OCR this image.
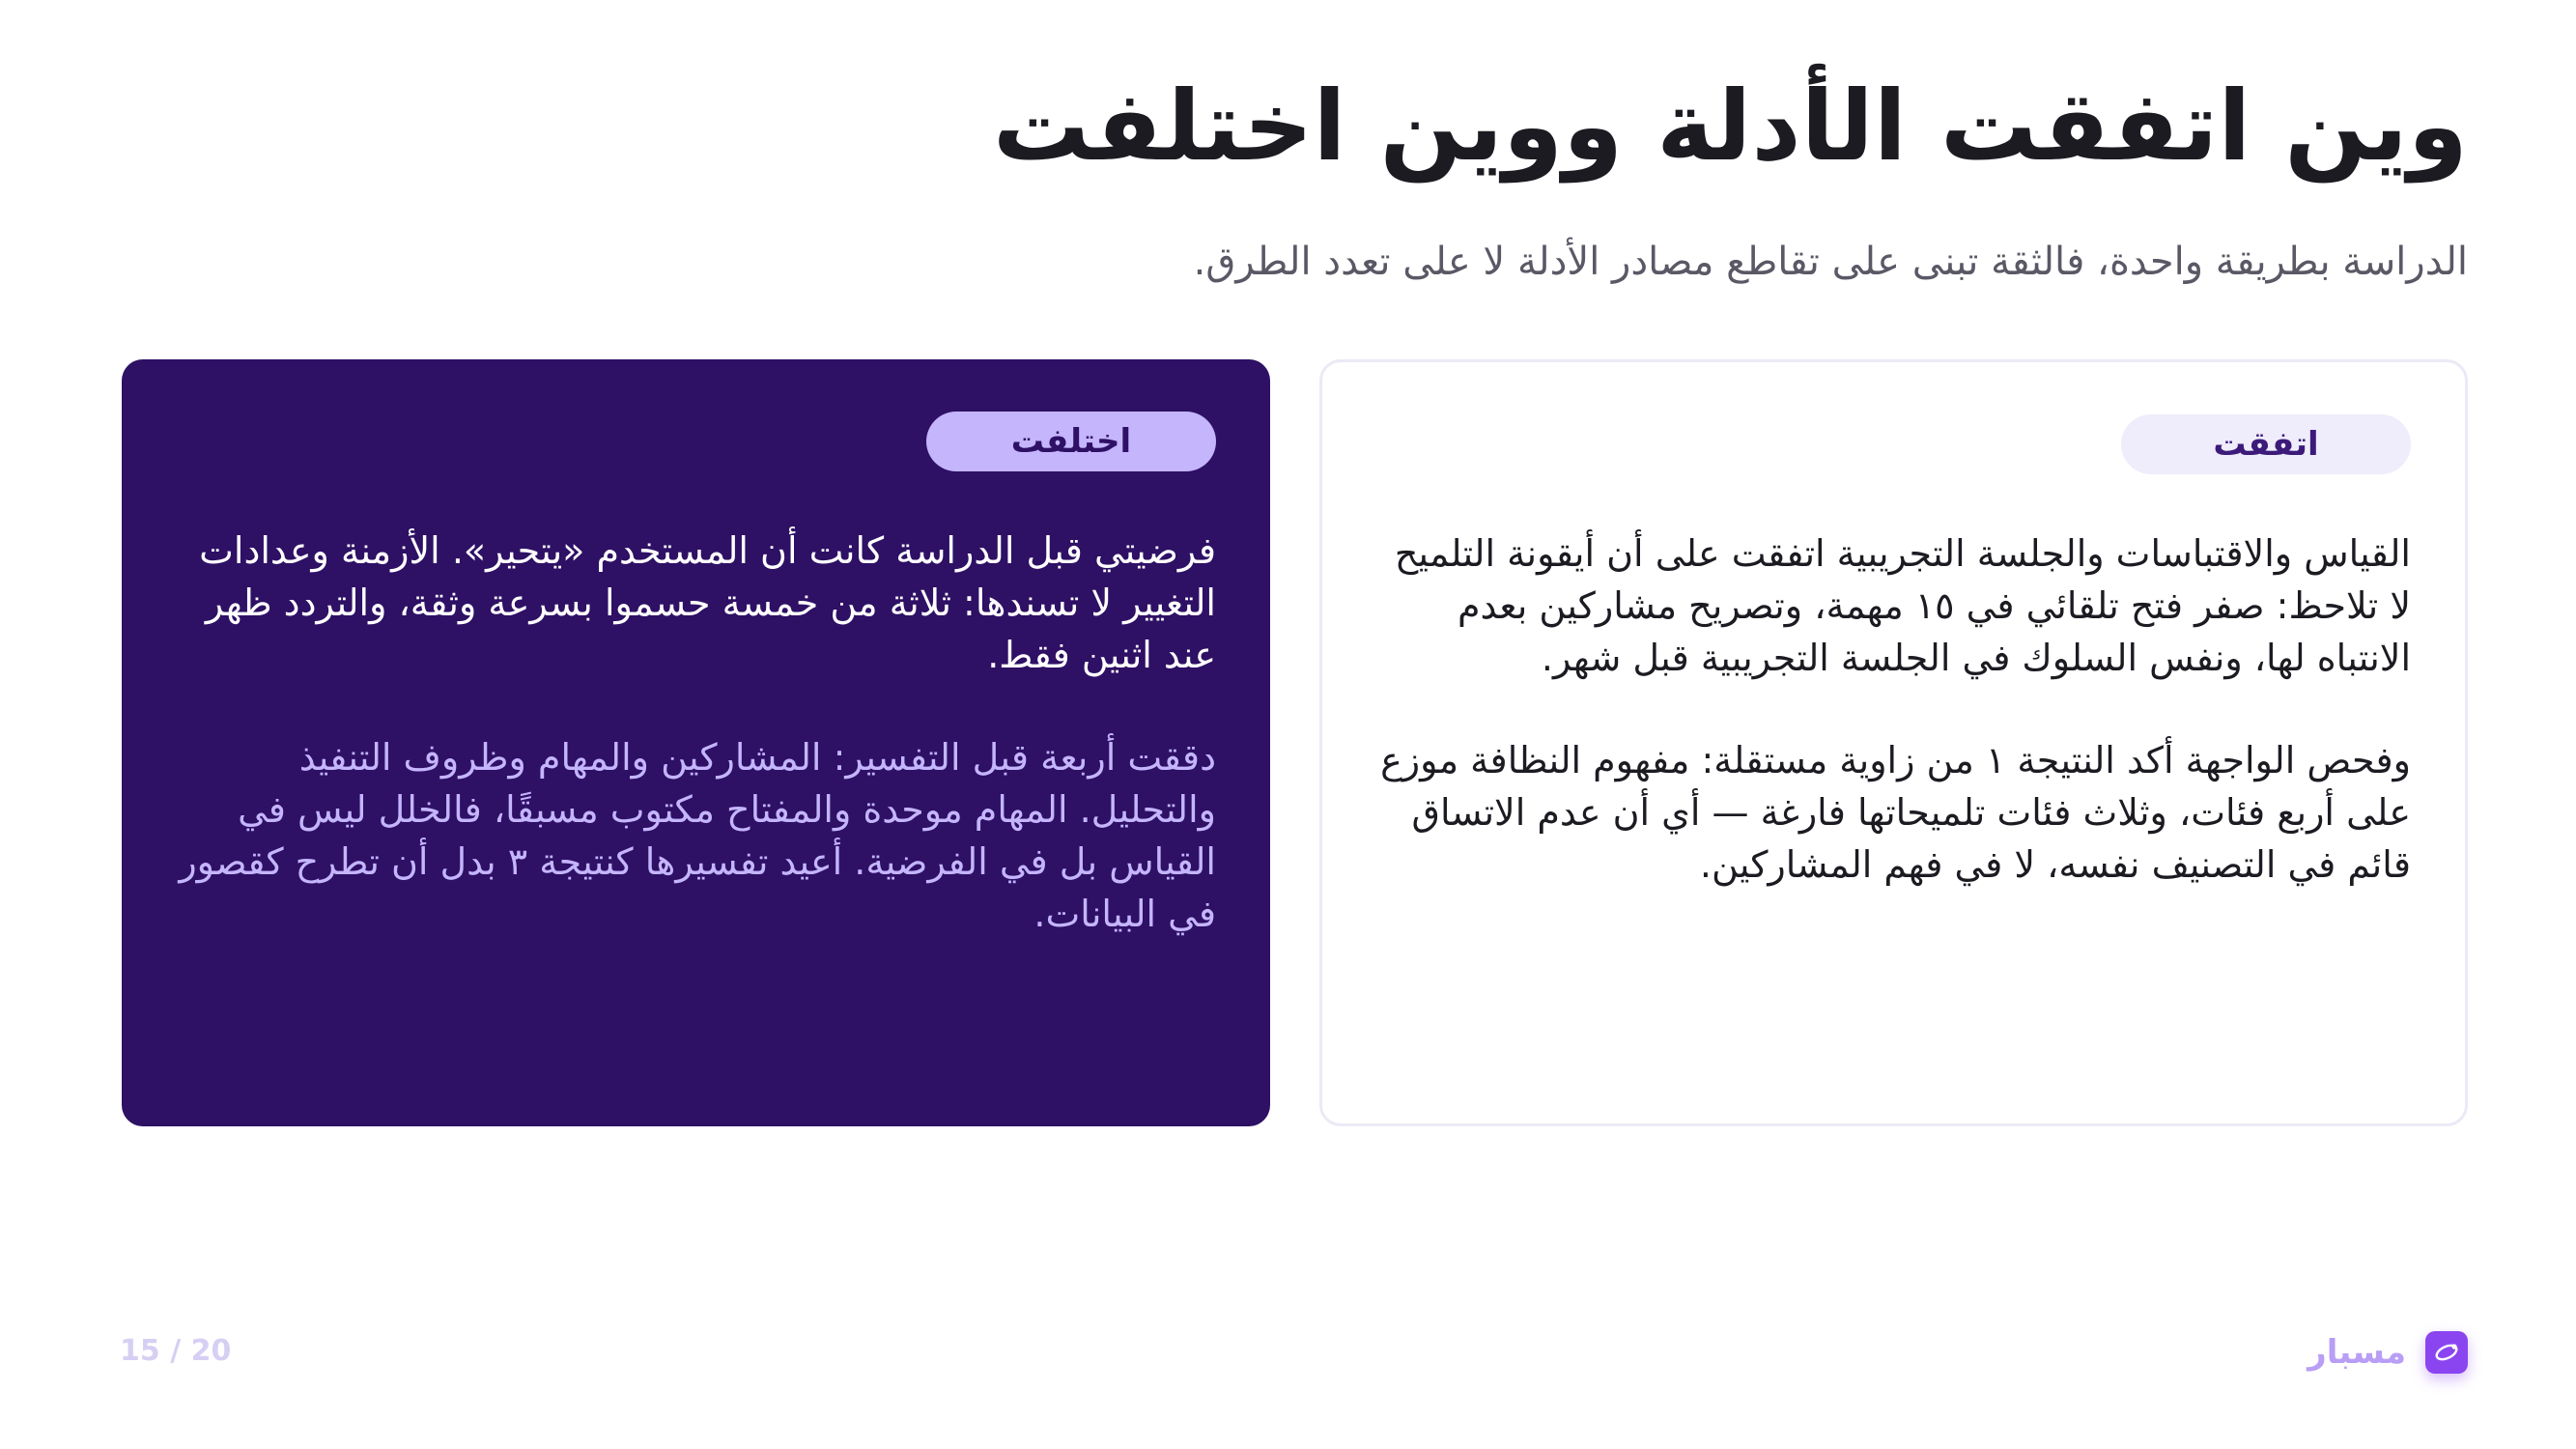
وين اتفقت الأدلة ووين اختلفت

الدراسة بطريقة واحدة، فالثقة تبنى على تقاطع مصادر الأدلة لا على تعدد الطرق.

اتفقت

القياس والاقتباسات والجلسة التجريبية اتفقت على أن أيقونة التلميح لا تلاحظ: صفر فتح تلقائي في ١٥ مهمة، وتصريح مشاركين بعدم الانتباه لها، ونفس السلوك في الجلسة التجريبية قبل شهر.

وفحص الواجهة أكد النتيجة ١ من زاوية مستقلة: مفهوم النظافة موزع على أربع فئات، وثلاث فئات تلميحاتها فارغة — أي أن عدم الاتساق قائم في التصنيف نفسه، لا في فهم المشاركين.

اختلفت

فرضيتي قبل الدراسة كانت أن المستخدم «يتحير». الأزمنة وعدادات التغيير لا تسندها: ثلاثة من خمسة حسموا بسرعة وثقة، والتردد ظهر عند اثنين فقط.

دققت أربعة قبل التفسير: المشاركين والمهام وظروف التنفيذ والتحليل. المهام موحدة والمفتاح مكتوب مسبقًا، فالخلل ليس في القياس بل في الفرضية. أعيد تفسيرها كنتيجة ٣ بدل أن تطرح كقصور في البيانات.

مسبار
15 / 20
